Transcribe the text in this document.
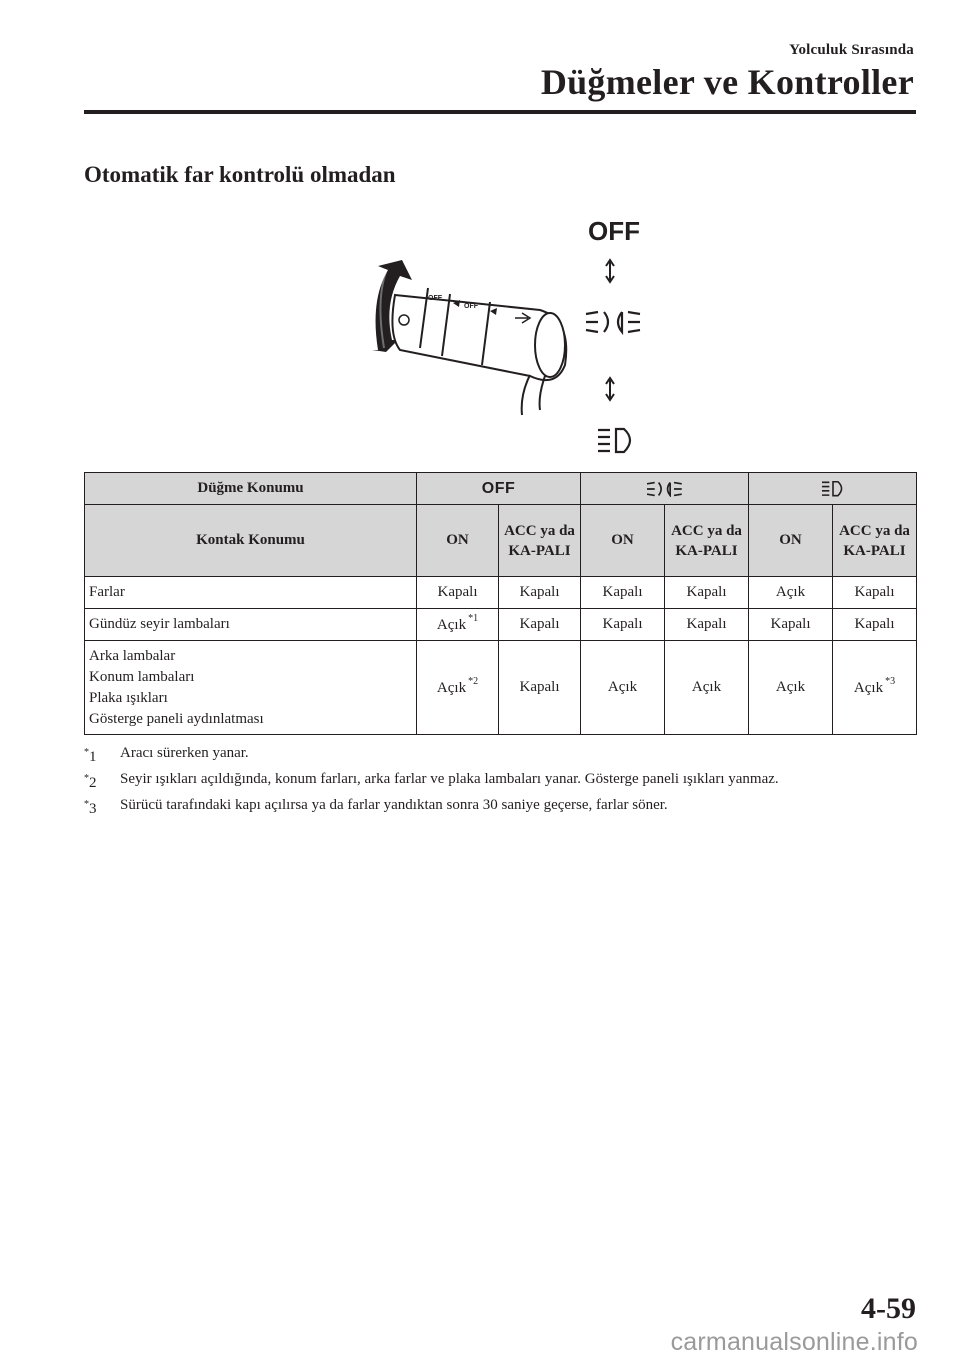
Yolculuk Sırasında
Düğmeler ve Kontroller
Otomatik far kontrolü olmadan
OFF
OFF
OFF
Düğme Konumu	OFF		
Kontak Konumu	ON	ACC ya da KA-PALI	ON	ACC ya da KA-PALI	ON	ACC ya da KA-PALI
Farlar	Kapalı	Kapalı	Kapalı	Kapalı	Açık	Kapalı
Gündüz seyir lambaları	Açık $^{*1}$	Kapalı	Kapalı	Kapalı	Kapalı	Kapalı

Arka lambalar
Konum lambaları
Plaka ışıkları
Gösterge paneli aydınlatması	Açık $^{*2}$	Kapalı	Açık	Açık	Açık	Açık $^{*3}$
*1	Aracı sürerken yanar.
*2	Seyir ışıkları açıldığında, konum farları, arka farlar ve plaka lambaları yanar. Gösterge paneli ışıkları yanmaz.
*3	Sürücü tarafındaki kapı açılırsa ya da farlar yandıktan sonra 30 saniye geçerse, farlar söner.
4-59
carmanualsonline.info
